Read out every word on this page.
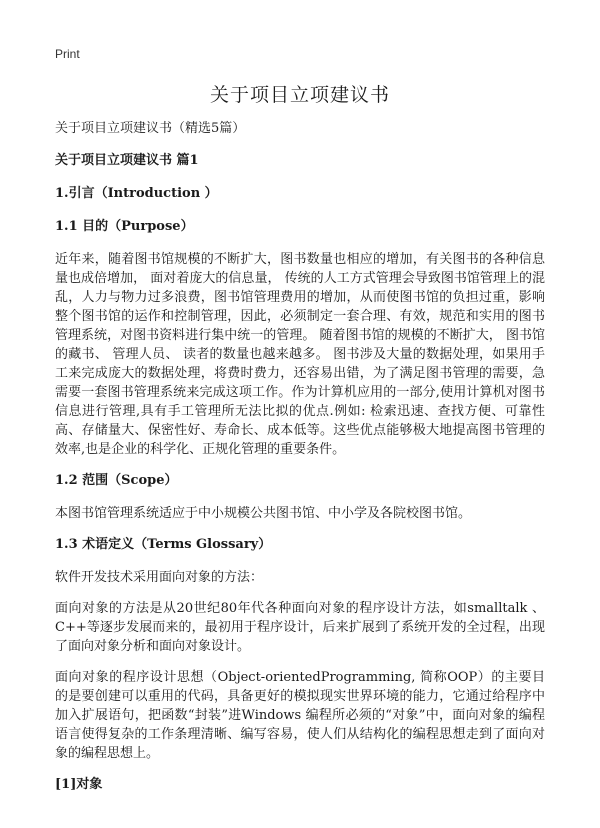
Print
关于项目立项建议书

关于项目立项建议书（精选5篇）

关于项目立项建议书 篇1

1.引言（Introduction ）

1.1 目的（Purpose）

近年来，随着图书馆规模的不断扩大，图书数量也相应的增加，有关图书的各种信息量也成倍增加， 面对着庞大的信息量， 传统的人工方式管理会导致图书馆管理上的混乱，人力与物力过多浪费，图书馆管理费用的增加，从而使图书馆的负担过重，影响整个图书馆的运作和控制管理，因此，必须制定一套合理、有效，规范和实用的图书管理系统，对图书资料进行集中统一的管理。 随着图书馆的规模的不断扩大， 图书馆的藏书、 管理人员、 读者的数量也越来越多。 图书涉及大量的数据处理，如果用手工来完成庞大的数据处理，将费时费力，还容易出错，为了满足图书管理的需要，急需要一套图书管理系统来完成这项工作。作为计算机应用的一部分,使用计算机对图书信息进行管理,具有手工管理所无法比拟的优点.例如: 检索迅速、查找方便、可靠性高、存储量大、保密性好、寿命长、成本低等。这些优点能够极大地提高图书管理的效率,也是企业的科学化、正规化管理的重要条件。

1.2 范围（Scope）

本图书馆管理系统适应于中小规模公共图书馆、中小学及各院校图书馆。

1.3 术语定义（Terms Glossary）

软件开发技术采用面向对象的方法：

面向对象的方法是从20世纪80年代各种面向对象的程序设计方法，如smalltalk 、C++等逐步发展而来的，最初用于程序设计，后来扩展到了系统开发的全过程，出现了面向对象分析和面向对象设计。

面向对象的程序设计思想（Object-orientedProgramming, 简称OOP）的主要目的是要创建可以重用的代码，具备更好的模拟现实世界环境的能力，它通过给程序中加入扩展语句，把函数“封装”进Windows 编程所必须的“对象”中，面向对象的编程语言使得复杂的工作条理清晰、编写容易，使人们从结构化的编程思想走到了面向对象的编程思想上。

[1]对象
